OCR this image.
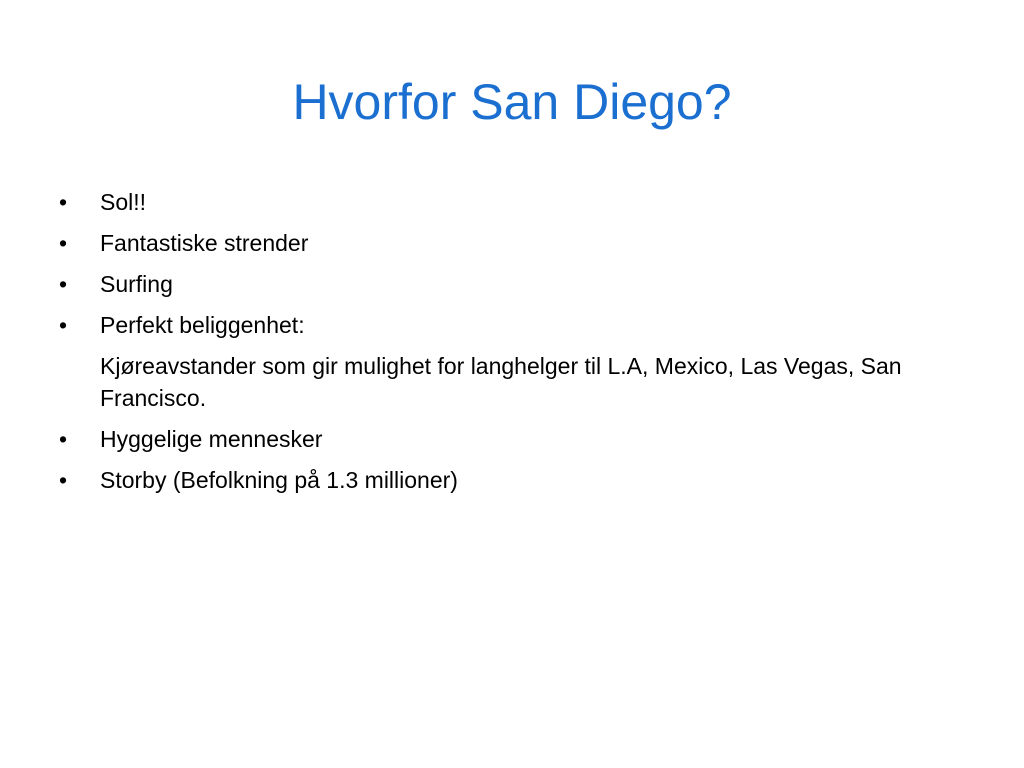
Hvorfor San Diego?
• Sol!!
• Fantastiske strender
• Surfing
• Perfekt beliggenhet:
Kjøreavstander som gir mulighet for langhelger til L.A, Mexico, Las Vegas, San Francisco.
• Hyggelige mennesker
• Storby (Befolkning på 1.3 millioner)
